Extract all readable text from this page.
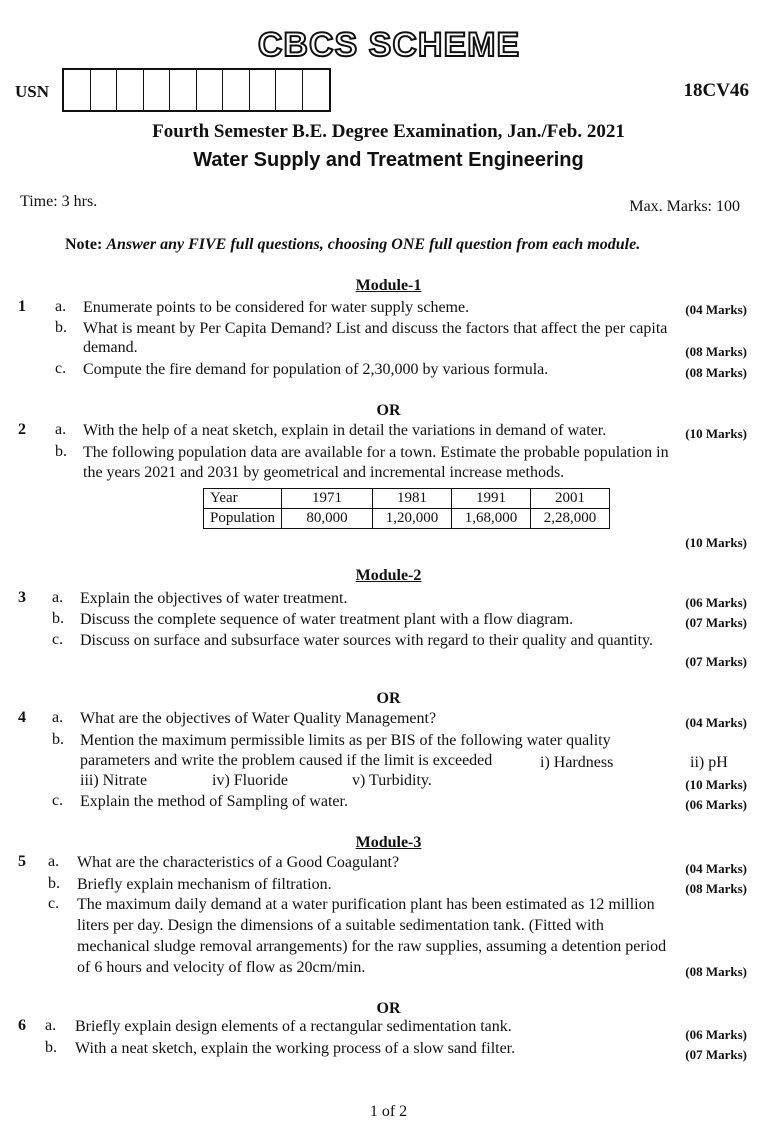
CBCS SCHEME
USN	18CV46
Fourth Semester B.E. Degree Examination, Jan./Feb. 2021
Water Supply and Treatment Engineering
Time: 3 hrs.	Max. Marks: 100
Note: Answer any FIVE full questions, choosing ONE full question from each module.
Module-1
1 a. Enumerate points to be considered for water supply scheme.	(04 Marks)
b. What is meant by Per Capita Demand? List and discuss the factors that affect the per capita
demand.	(08 Marks)
c. Compute the fire demand for population of 2,30,000 by various formula.	(08 Marks)
OR
2 a. With the help of a neat sketch, explain in detail the variations in demand of water.	(10 Marks)
b. The following population data are available for a town. Estimate the probable population in
the years 2021 and 2031 by geometrical and incremental increase methods.
Year	1971	1981	1991	2001
Population	80,000	1,20,000	1,68,000	2,28,000
(10 Marks)
Module-2
3 a. Explain the objectives of water treatment.	(06 Marks)
b. Discuss the complete sequence of water treatment plant with a flow diagram.	(07 Marks)
c. Discuss on surface and subsurface water sources with regard to their quality and quantity.
(07 Marks)
OR
4 a. What are the objectives of Water Quality Management?	(04 Marks)
b. Mention the maximum permissible limits as per BIS of the following water quality
parameters and write the problem caused if the limit is exceeded	i) Hardness	ii) pH
iii) Nitrate	iv) Fluoride	v) Turbidity.	(10 Marks)
c. Explain the method of Sampling of water.	(06 Marks)
Module-3
5 a. What are the characteristics of a Good Coagulant?	(04 Marks)
b. Briefly explain mechanism of filtration.	(08 Marks)
c. The maximum daily demand at a water purification plant has been estimated as 12 million
liters per day. Design the dimensions of a suitable sedimentation tank. (Fitted with
mechanical sludge removal arrangements) for the raw supplies, assuming a detention period
of 6 hours and velocity of flow as 20cm/min.	(08 Marks)
OR
6 a. Briefly explain design elements of a rectangular sedimentation tank.	(06 Marks)
b. With a neat sketch, explain the working process of a slow sand filter.	(07 Marks)
1 of 2
